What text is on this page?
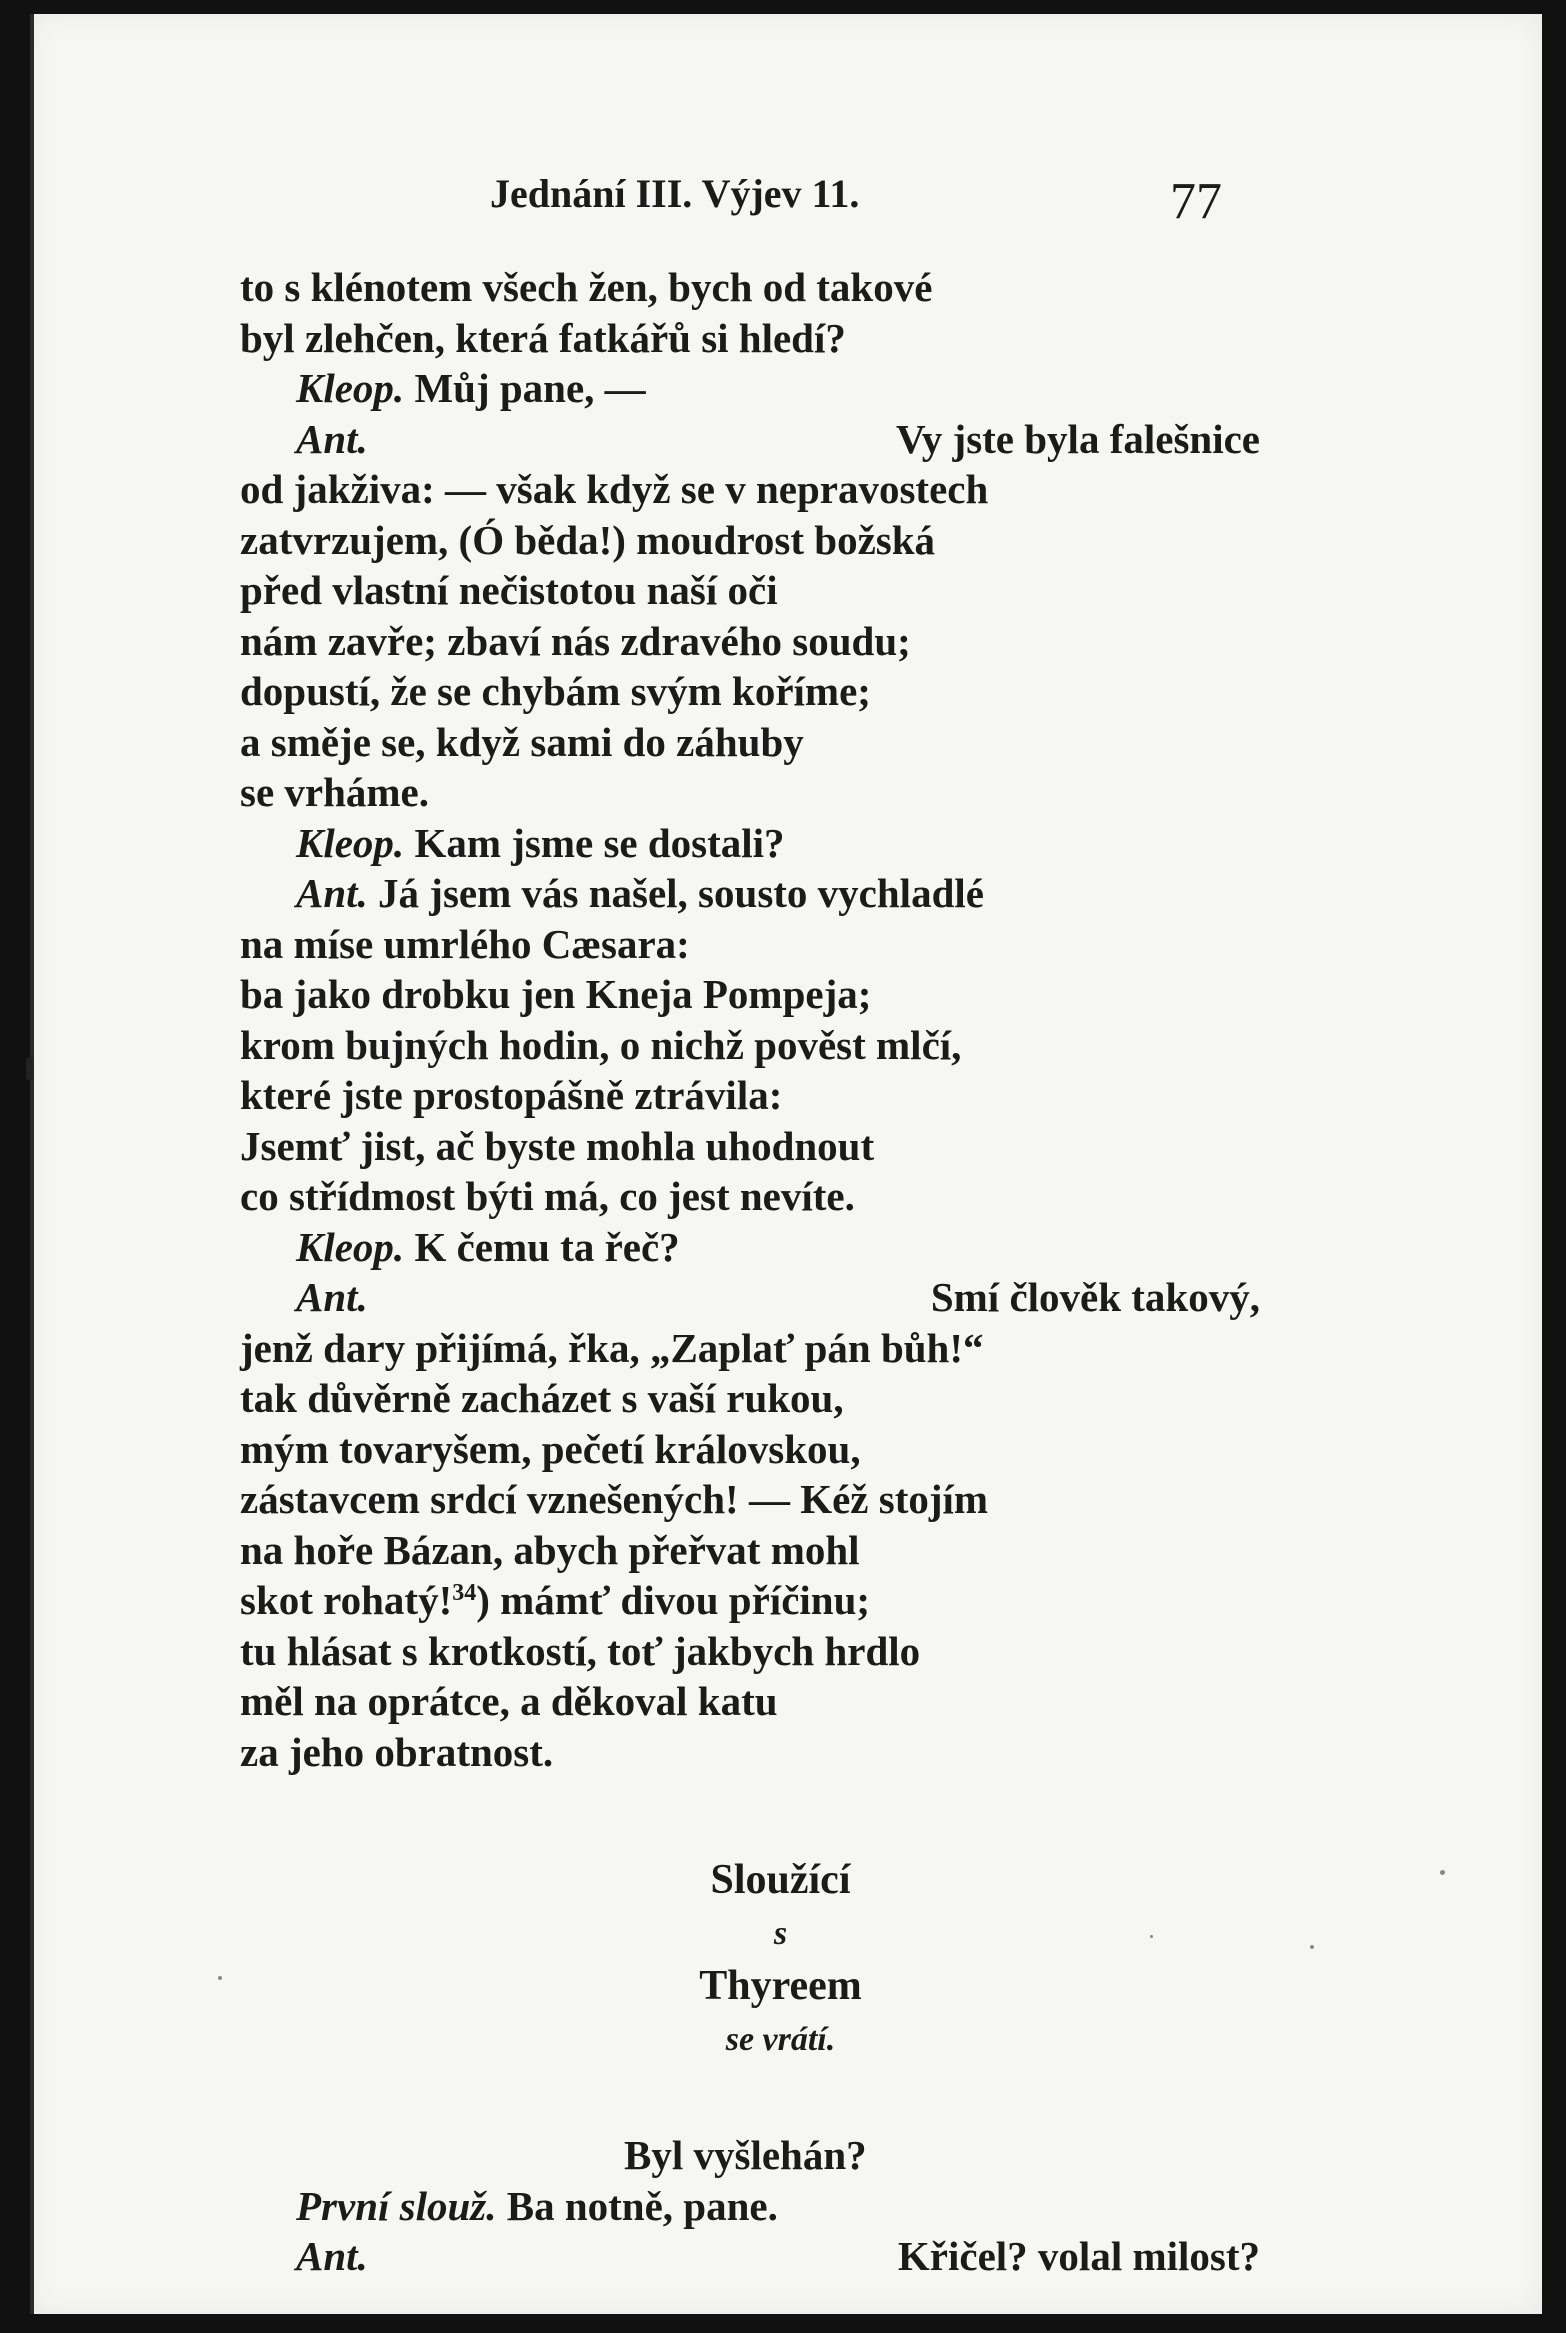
Jednání III. Výjev 11.	77
to s klénotem všech žen, bych od takové
byl zlehčen, která fatkářů si hledí?
Kleop. Můj pane, —
Ant.	Vy jste byla falešnice
od jakživa: — však když se v nepravostech
zatvrzujem, (Ó běda!) moudrost božská
před vlastní nečistotou naší oči
nám zavře; zbaví nás zdravého soudu;
dopustí, že se chybám svým koříme;
a směje se, když sami do záhuby
se vrháme.
Kleop. Kam jsme se dostali?
Ant. Já jsem vás našel, sousto vychladlé
na míse umrlého Cæsara:
ba jako drobku jen Kneja Pompeja;
krom bujných hodin, o nichž pověst mlčí,
které jste prostopášně ztrávila:
Jsemť jist, ač byste mohla uhodnout
co střídmost býti má, co jest nevíte.
Kleop. K čemu ta řeč?
Ant.	Smí člověk takový,
jenž dary přijímá, řka, „Zaplať pán bůh!“
tak důvěrně zacházet s vaší rukou,
mým tovaryšem, pečetí královskou,
zástavcem srdcí vznešených! — Kéž stojím
na hoře Bázan, abych přeřvat mohl
skot rohatý!$^{34}$) mámť divou příčinu;
tu hlásat s krotkostí, toť jakbych hrdlo
měl na oprátce, a děkoval katu
za jeho obratnost.

Sloužící
s
Thyreem
se vrátí.

Byl vyšlehán?
První slouž. Ba notně, pane.
Ant.	Křičel? volal milost?
